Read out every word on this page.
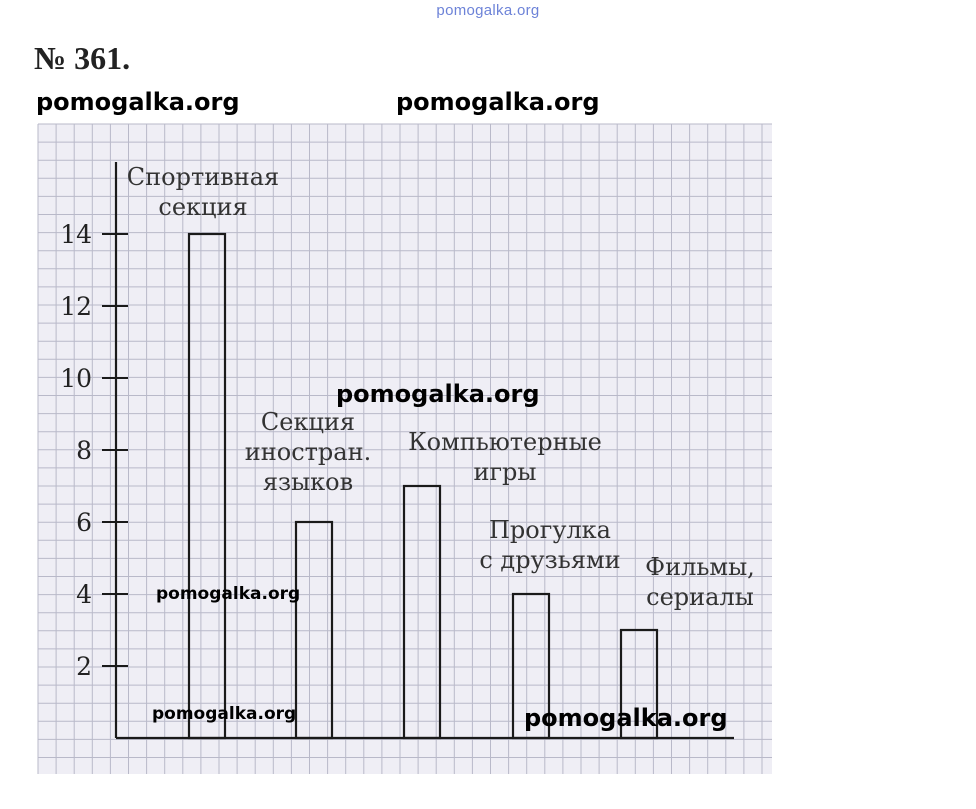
pomogalka.org
№ 361.
2
4
6
8
10
12
14
Спортивная
секция
Секция
иностран.
языков
Компьютерные
игры
Прогулка
с друзьями Фильмы,
сериалы
pomogalka.org	pomogalka.org
pomogalka.org
pomogalka.org
pomogalka.org	pomogalka.org
